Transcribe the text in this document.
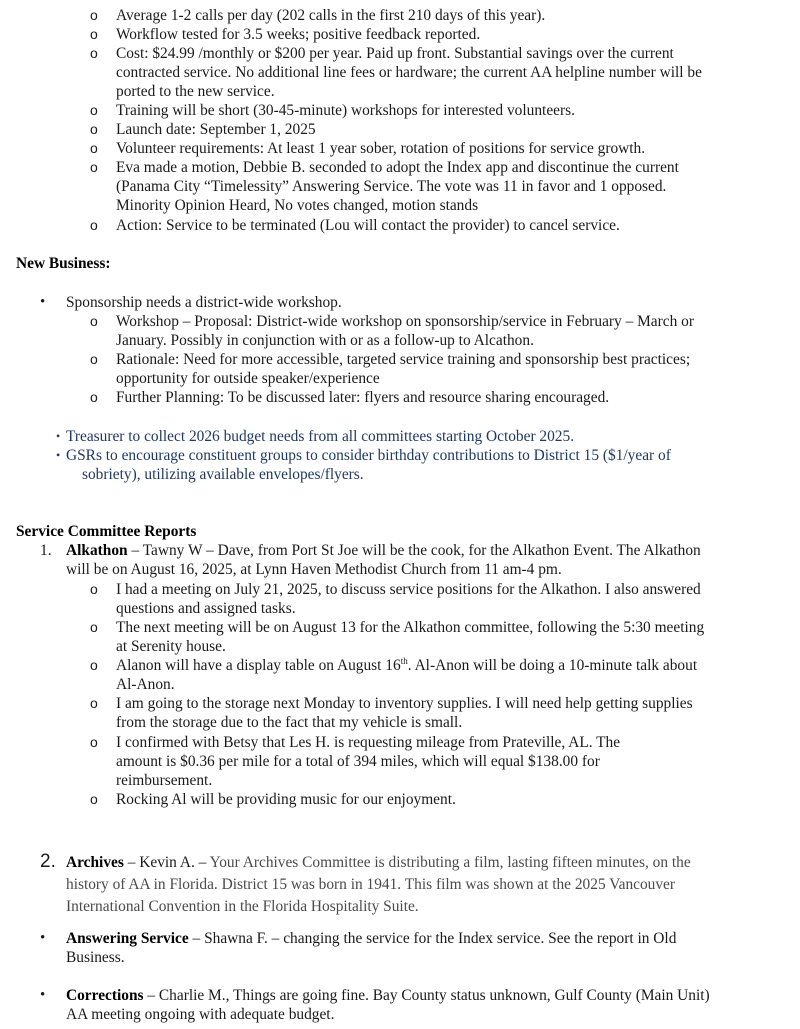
o Average 1-2 calls per day (202 calls in the first 210 days of this year).
o Workflow tested for 3.5 weeks; positive feedback reported.
o Cost: $24.99 /monthly or $200 per year. Paid up front. Substantial savings over the current
contracted service. No additional line fees or hardware; the current AA helpline number will be
ported to the new service.
o Training will be short (30-45-minute) workshops for interested volunteers.
o Launch date: September 1, 2025
o Volunteer requirements: At least 1 year sober, rotation of positions for service growth.
o Eva made a motion, Debbie B. seconded to adopt the Index app and discontinue the current
(Panama City “Timelessity” Answering Service. The vote was 11 in favor and 1 opposed.
Minority Opinion Heard, No votes changed, motion stands
o Action: Service to be terminated (Lou will contact the provider) to cancel service.
New Business:
• Sponsorship needs a district-wide workshop.
o Workshop – Proposal: District-wide workshop on sponsorship/service in February – March or
January. Possibly in conjunction with or as a follow-up to Alcathon.
o Rationale: Need for more accessible, targeted service training and sponsorship best practices;
opportunity for outside speaker/experience
o Further Planning: To be discussed later: flyers and resource sharing encouraged.
• Treasurer to collect 2026 budget needs from all committees starting October 2025.
• GSRs to encourage constituent groups to consider birthday contributions to District 15 ($1/year of
sobriety), utilizing available envelopes/flyers.
Service Committee Reports
1. Alkathon – Tawny W – Dave, from Port St Joe will be the cook, for the Alkathon Event. The Alkathon
will be on August 16, 2025, at Lynn Haven Methodist Church from 11 am-4 pm.
o I had a meeting on July 21, 2025, to discuss service positions for the Alkathon. I also answered
questions and assigned tasks.
o The next meeting will be on August 13 for the Alkathon committee, following the 5:30 meeting
at Serenity house.
o Alanon will have a display table on August 16th. Al-Anon will be doing a 10-minute talk about
Al-Anon.
o I am going to the storage next Monday to inventory supplies. I will need help getting supplies
from the storage due to the fact that my vehicle is small.
o I confirmed with Betsy that Les H. is requesting mileage from Prateville, AL. The
amount is $0.36 per mile for a total of 394 miles, which will equal $138.00 for
reimbursement.
o Rocking Al will be providing music for our enjoyment.
2. Archives – Kevin A. – Your Archives Committee is distributing a film, lasting fifteen minutes, on the
history of AA in Florida. District 15 was born in 1941. This film was shown at the 2025 Vancouver
International Convention in the Florida Hospitality Suite.
• Answering Service – Shawna F. – changing the service for the Index service. See the report in Old
Business.
• Corrections – Charlie M., Things are going fine. Bay County status unknown, Gulf County (Main Unit)
AA meeting ongoing with adequate budget.
